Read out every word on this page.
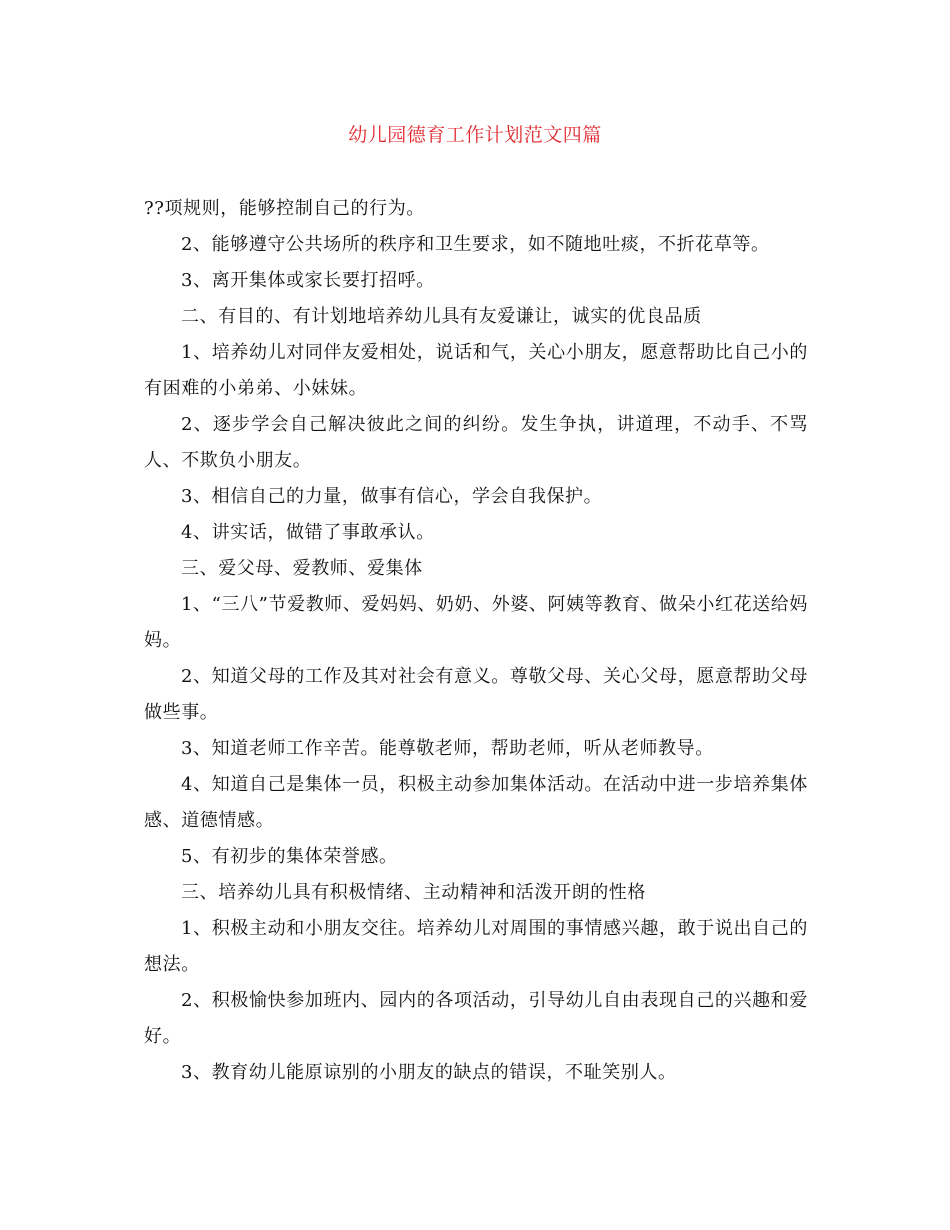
幼儿园德育工作计划范文四篇

??项规则，能够控制自己的行为。

2、能够遵守公共场所的秩序和卫生要求，如不随地吐痰，不折花草等。

3、离开集体或家长要打招呼。

二、有目的、有计划地培养幼儿具有友爱谦让，诚实的优良品质

1、培养幼儿对同伴友爱相处，说话和气，关心小朋友，愿意帮助比自己小的有困难的小弟弟、小妹妹。

2、逐步学会自己解决彼此之间的纠纷。发生争执，讲道理，不动手、不骂人、不欺负小朋友。

3、相信自己的力量，做事有信心，学会自我保护。

4、讲实话，做错了事敢承认。

三、爱父母、爱教师、爱集体

1、“三八”节爱教师、爱妈妈、奶奶、外婆、阿姨等教育、做朵小红花送给妈妈。

2、知道父母的工作及其对社会有意义。尊敬父母、关心父母，愿意帮助父母做些事。

3、知道老师工作辛苦。能尊敬老师，帮助老师，听从老师教导。

4、知道自己是集体一员，积极主动参加集体活动。在活动中进一步培养集体感、道德情感。

5、有初步的集体荣誉感。

三、培养幼儿具有积极情绪、主动精神和活泼开朗的性格

1、积极主动和小朋友交往。培养幼儿对周围的事情感兴趣，敢于说出自己的想法。

2、积极愉快参加班内、园内的各项活动，引导幼儿自由表现自己的兴趣和爱好。

3、教育幼儿能原谅别的小朋友的缺点的错误，不耻笑别人。
